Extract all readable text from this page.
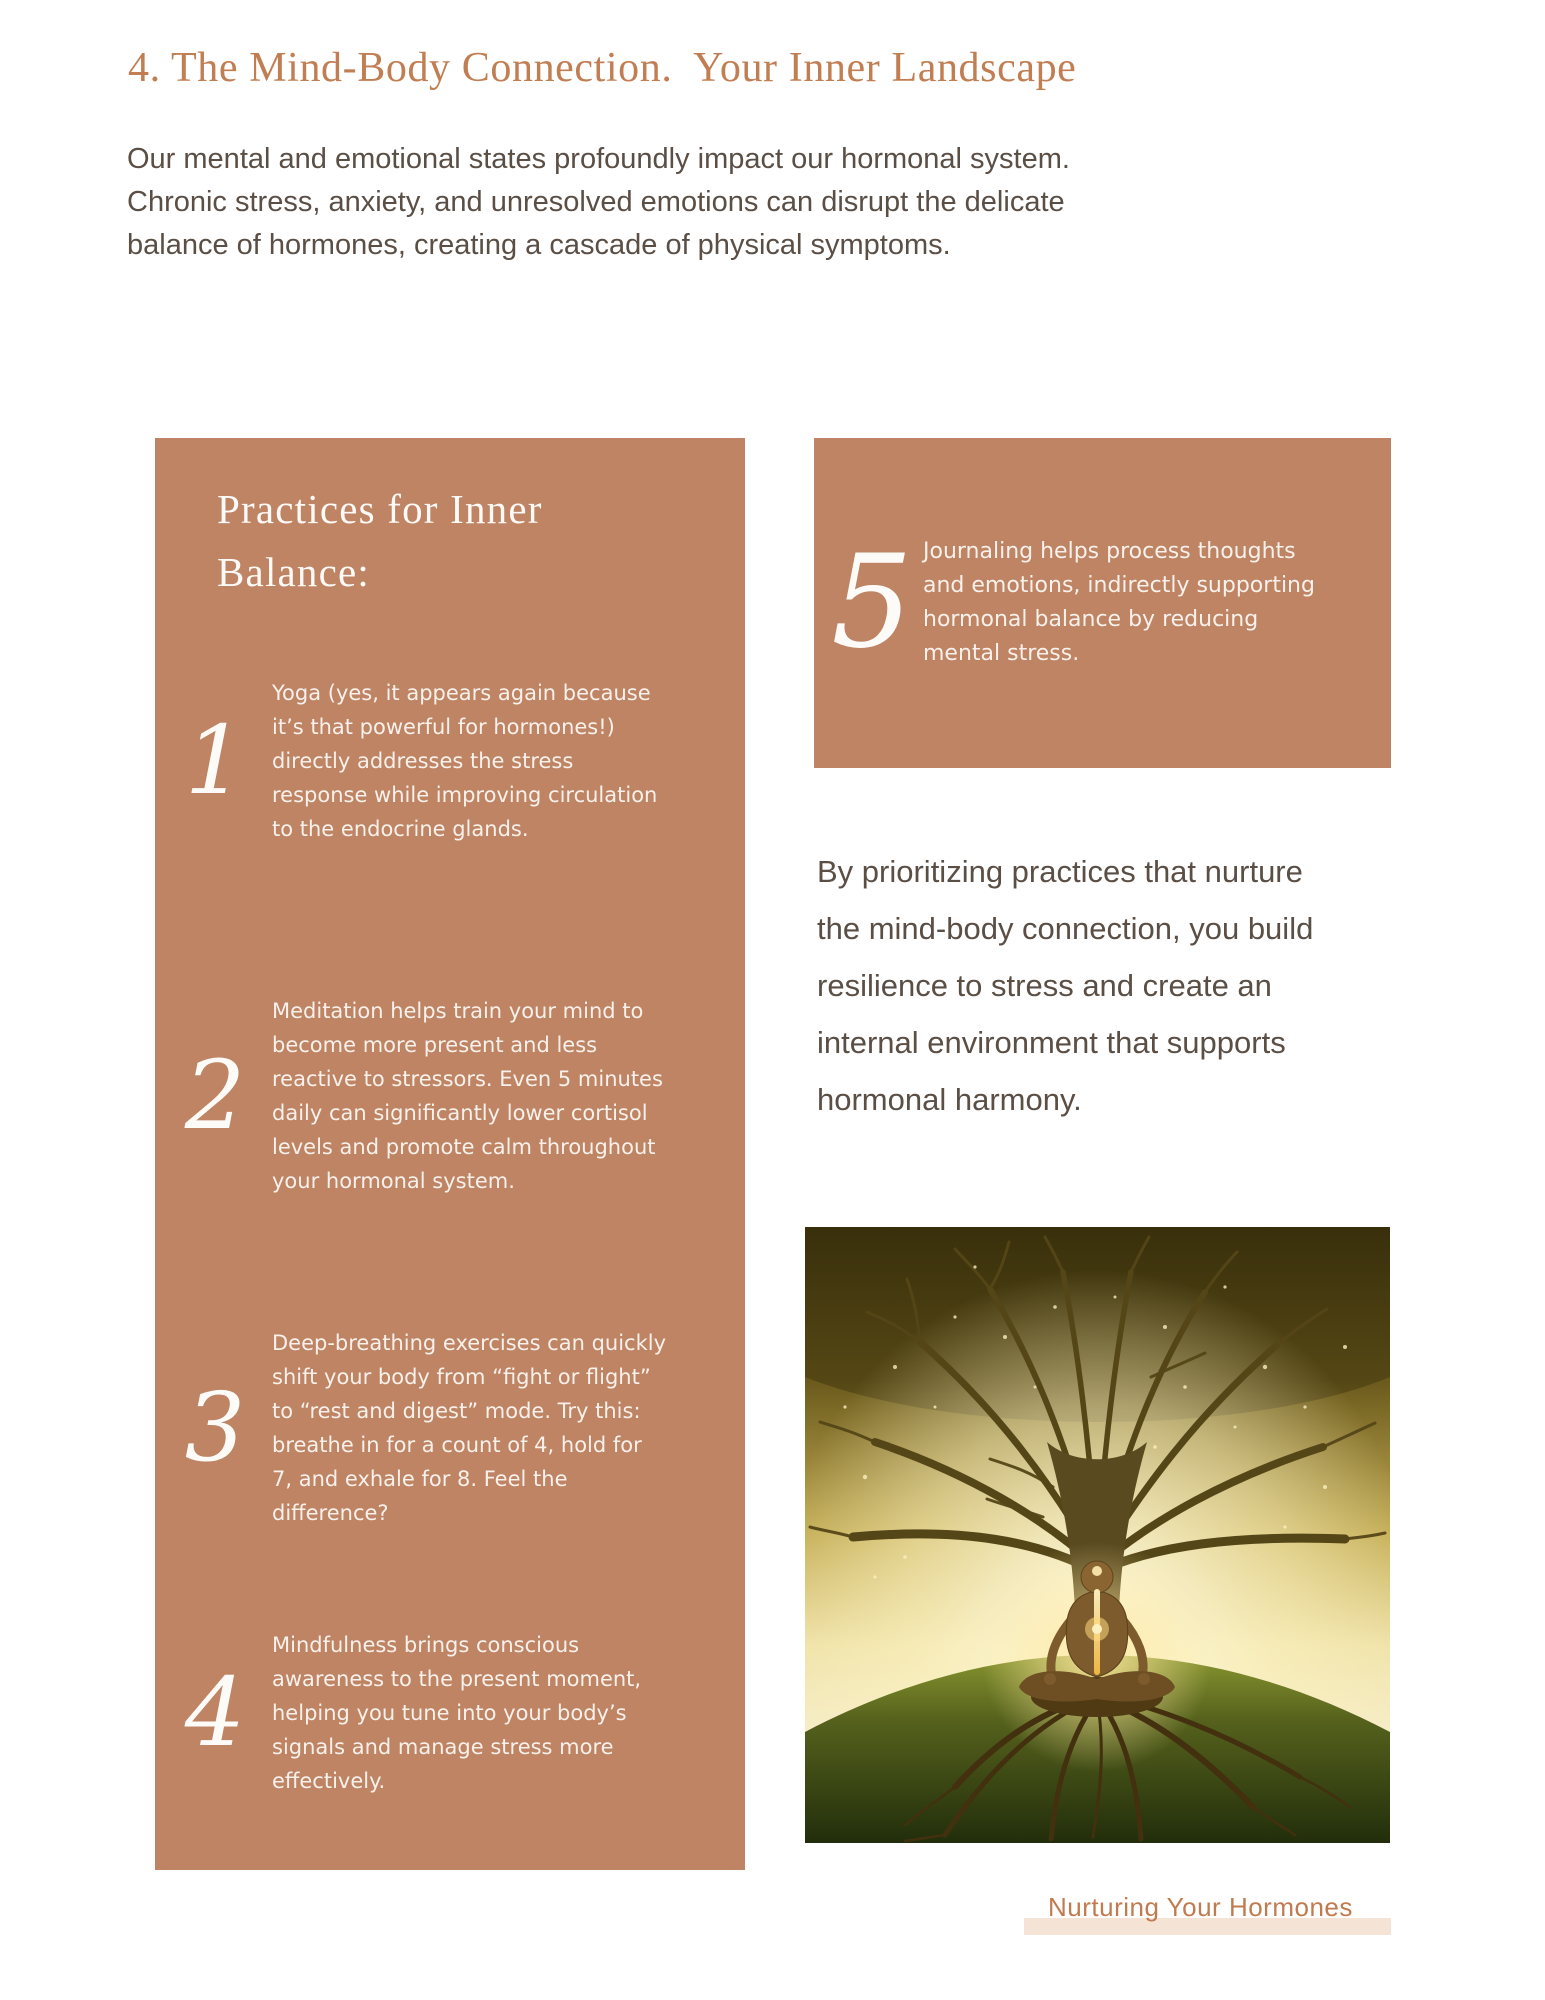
4. The Mind-Body Connection.  Your Inner Landscape

Our mental and emotional states profoundly impact our hormonal system. Chronic stress, anxiety, and unresolved emotions can disrupt the delicate balance of hormones, creating a cascade of physical symptoms.

Practices for Inner Balance:
1
Yoga (yes, it appears again because it’s that powerful for hormones!) directly addresses the stress response while improving circulation to the endocrine glands.
2
Meditation helps train your mind to become more present and less reactive to stressors. Even 5 minutes daily can significantly lower cortisol levels and promote calm throughout your hormonal system.
3
Deep-breathing exercises can quickly shift your body from “fight or flight” to “rest and digest” mode. Try this: breathe in for a count of 4, hold for 7, and exhale for 8. Feel the difference?
4
Mindfulness brings conscious awareness to the present moment, helping you tune into your body’s signals and manage stress more effectively.
5 Journaling helps process thoughts and emotions, indirectly supporting hormonal balance by reducing mental stress.

By prioritizing practices that nurture the mind-body connection, you build resilience to stress and create an internal environment that supports hormonal harmony.

Nurturing Your Hormones
